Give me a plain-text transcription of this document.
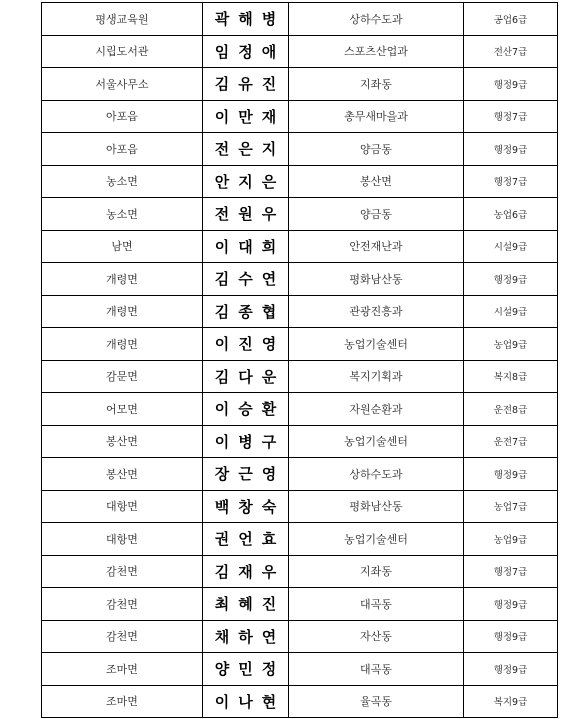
평생교육원	곽해병	상하수도과	공업6급
시립도서관	임정애	스포츠산업과	전산7급
서울사무소	김유진	지좌동	행정9급
아포읍	이만재	총무새마을과	행정7급
아포읍	전은지	양금동	행정9급
농소면	안지은	봉산면	행정7급
농소면	전원우	양금동	농업6급
남면	이대희	안전재난과	시설9급
개령면	김수연	평화남산동	행정9급
개령면	김종협	관광진흥과	시설9급
개령면	이진영	농업기술센터	농업9급
감문면	김다운	복지기획과	복지8급
어모면	이승환	자원순환과	운전8급
봉산면	이병구	농업기술센터	운전7급
봉산면	장근영	상하수도과	행정9급
대항면	백창숙	평화남산동	농업7급
대항면	권언효	농업기술센터	농업9급
감천면	김재우	지좌동	행정7급
감천면	최혜진	대곡동	행정9급
감천면	채하연	자산동	행정9급
조마면	양민정	대곡동	행정9급
조마면	이나현	율곡동	복지9급
